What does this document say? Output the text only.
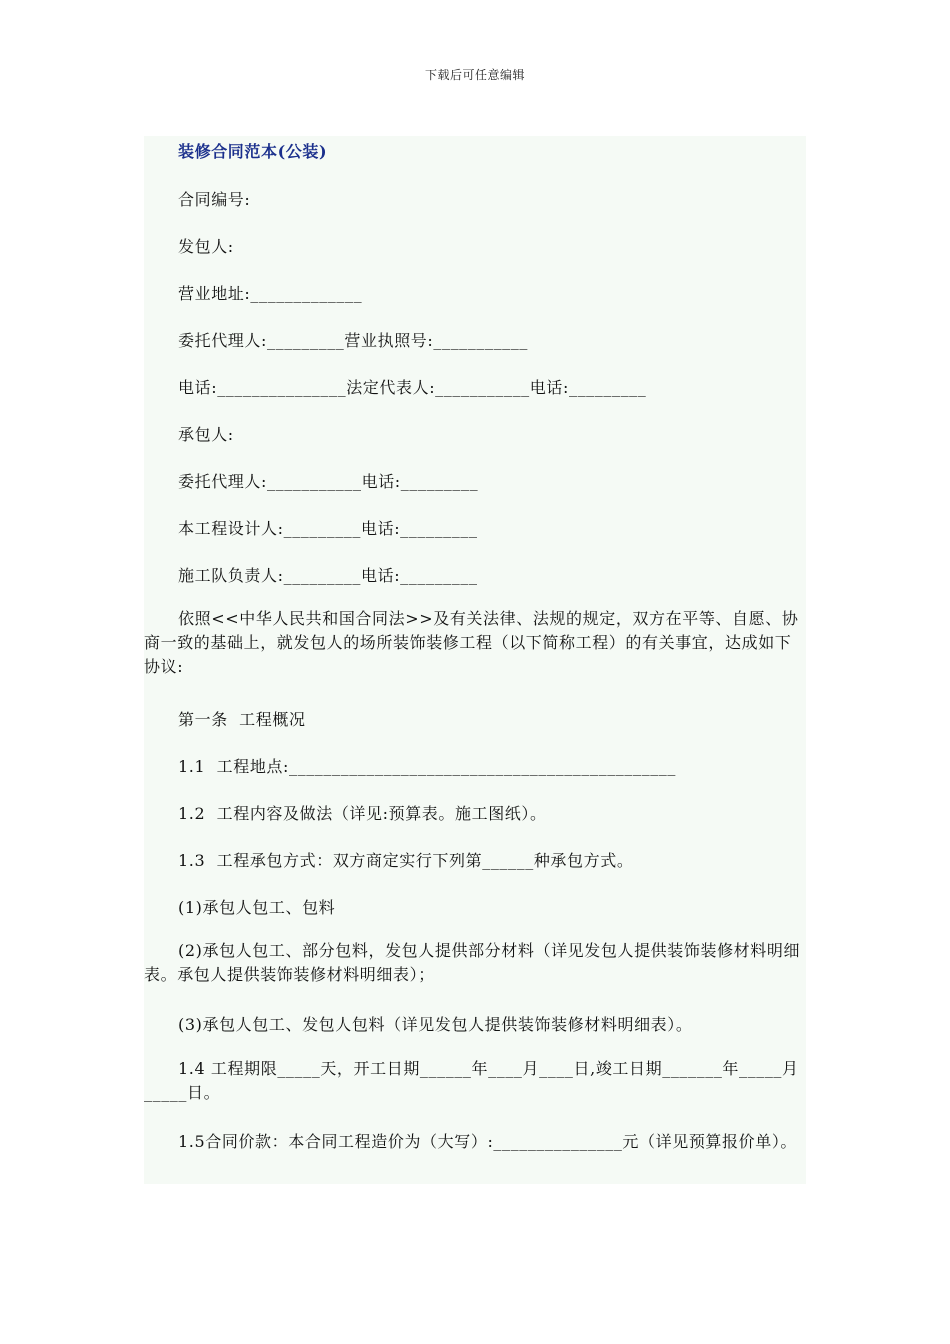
下载后可任意编辑
装修合同范本(公装)
合同编号:
发包人:
营业地址:_____________
委托代理人:_________营业执照号:___________
电话:_______________法定代表人:___________电话:_________
承包人:
委托代理人:___________电话:_________
本工程设计人:_________电话:_________
施工队负责人:_________电话:_________
依照<<中华人民共和国合同法>>及有关法律、法规的规定，双方在平等、自愿、协商一致的基础上，就发包人的场所装饰装修工程（以下简称工程）的有关事宜，达成如下协议:
第一条  工程概况
1.1  工程地点:_____________________________________________
1.2  工程内容及做法（详见:预算表。施工图纸）。
1.3  工程承包方式：双方商定实行下列第______种承包方式。
(1)承包人包工、包料
(2)承包人包工、部分包料，发包人提供部分材料（详见发包人提供装饰装修材料明细表。承包人提供装饰装修材料明细表）；
(3)承包人包工、发包人包料（详见发包人提供装饰装修材料明细表）。
1.4 工程期限_____天，开工日期______年____月____日,竣工日期_______年_____月_____日。
1.5合同价款：本合同工程造价为（大写）:_______________元（详见预算报价单）。
